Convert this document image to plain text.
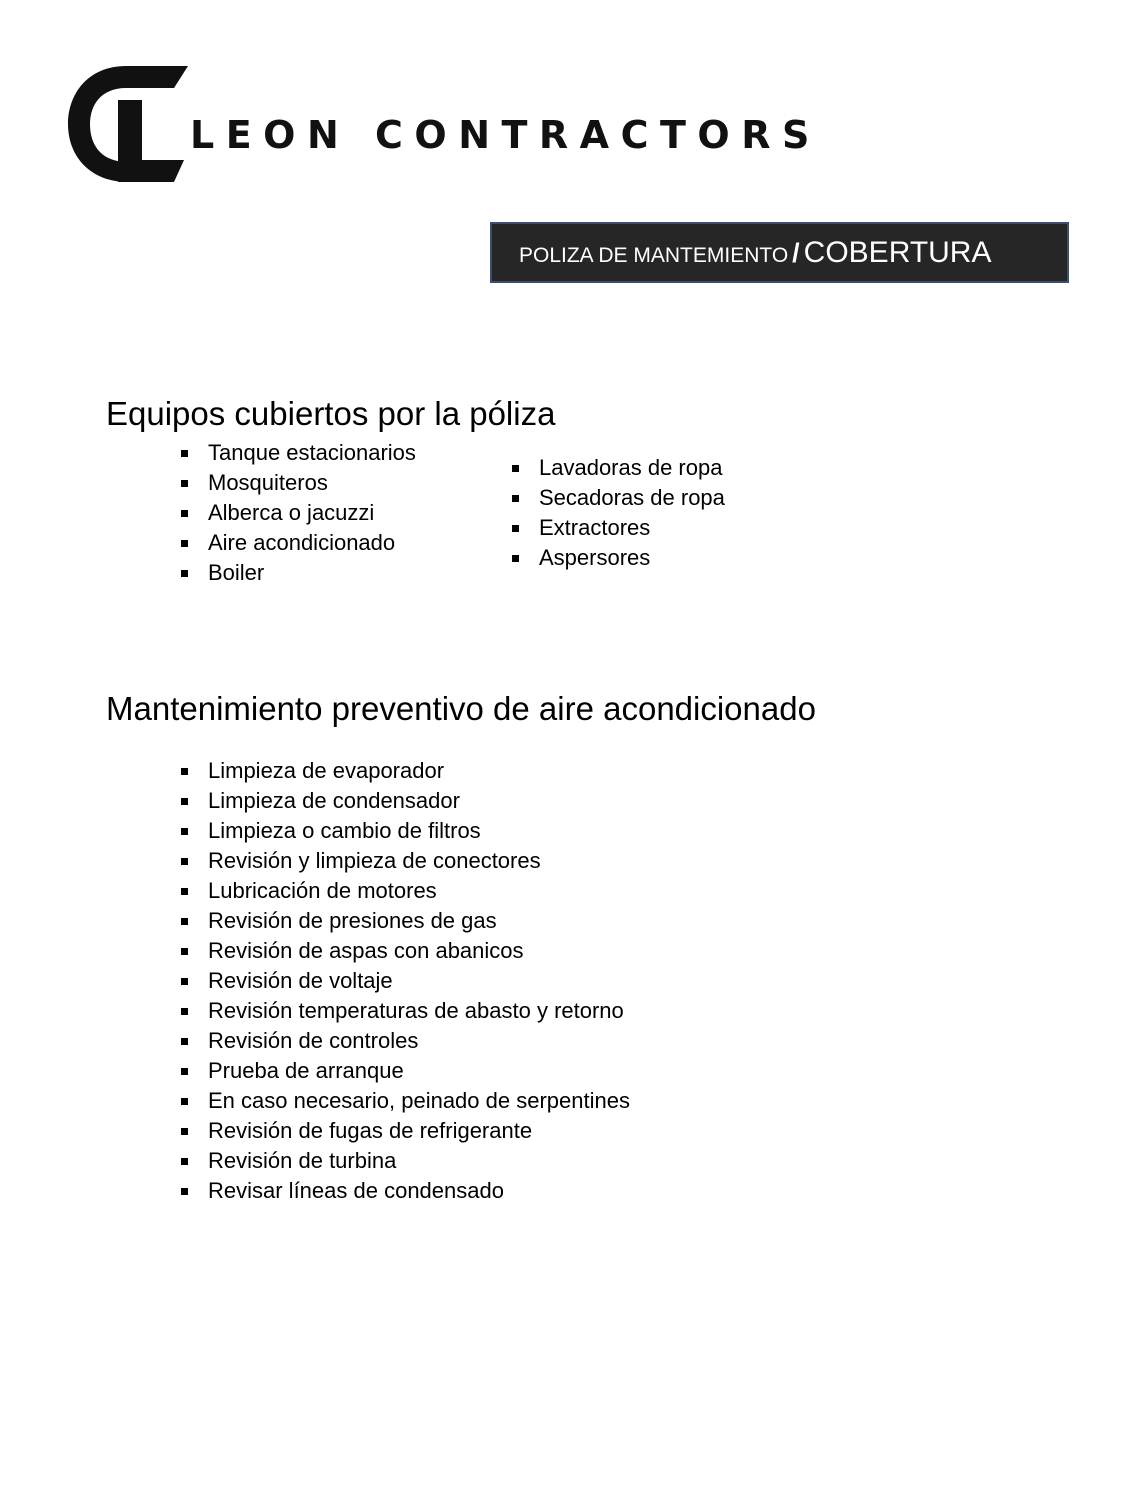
LEON CONTRACTORS
POLIZA DE MANTEMIENTO / COBERTURA
Equipos cubiertos por la póliza
Tanque estacionarios
Mosquiteros
Alberca o jacuzzi
Aire acondicionado
Boiler
Lavadoras de ropa
Secadoras de ropa
Extractores
Aspersores
Mantenimiento preventivo de aire acondicionado
Limpieza de evaporador
Limpieza de condensador
Limpieza o cambio de filtros
Revisión y limpieza de conectores
Lubricación de motores
Revisión de presiones de gas
Revisión de aspas con abanicos
Revisión de voltaje
Revisión temperaturas de abasto y retorno
Revisión de controles
Prueba de arranque
En caso necesario, peinado de serpentines
Revisión de fugas de refrigerante
Revisión de turbina
Revisar líneas de condensado
